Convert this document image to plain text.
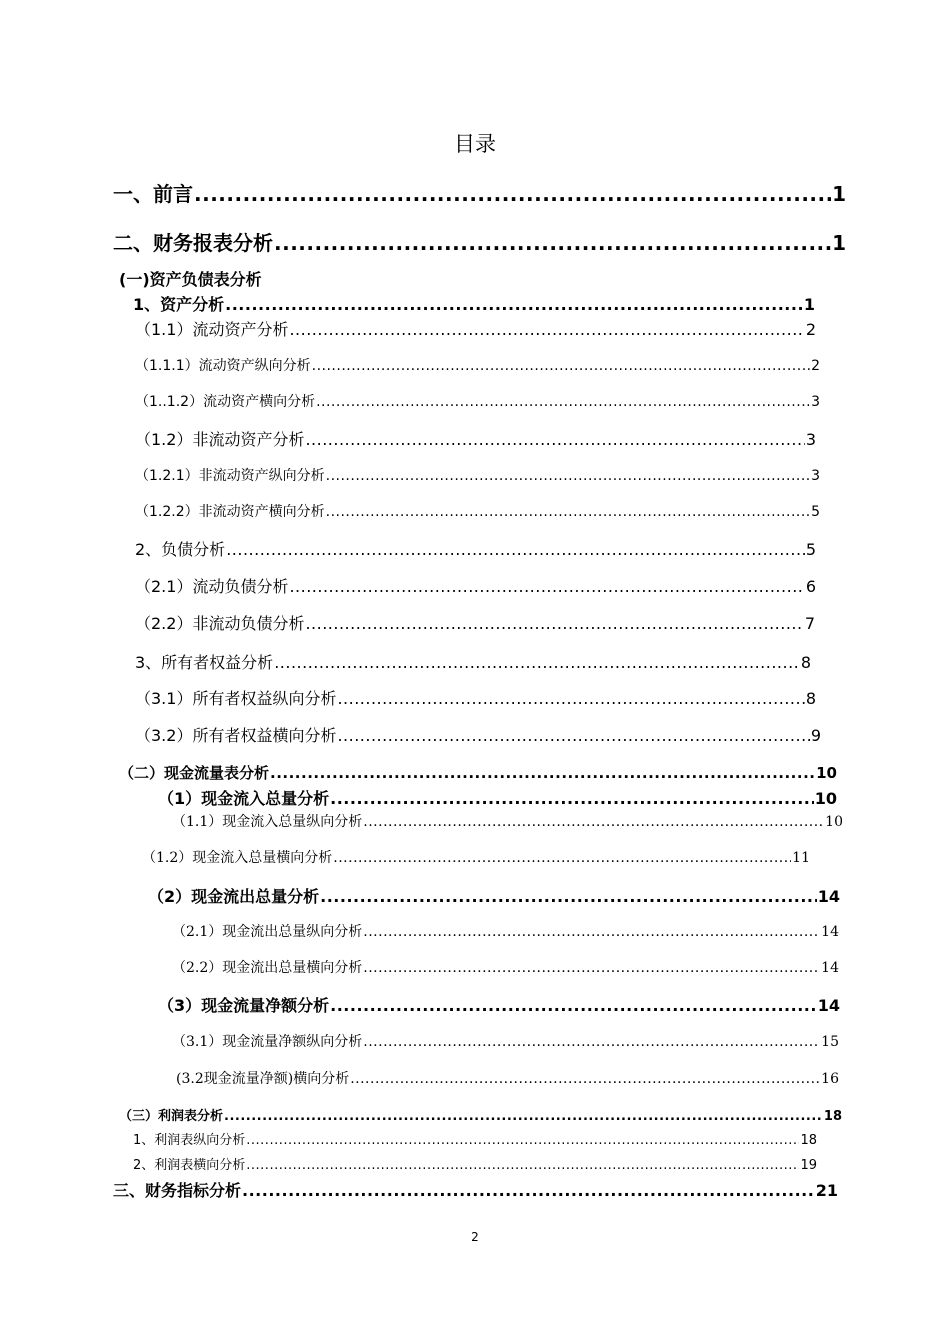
目录
一、前言 .....	1
二、财务报表分析 .....	1
(一)资产负债表分析
1、资产分析 .....	1
（1.1）流动资产分析 .....	2
（1.1.1）流动资产纵向分析 .....	2
（1..1.2）流动资产横向分析 .....	3
（1.2）非流动资产分析 .....	3
（1.2.1）非流动资产纵向分析 .....	3
（1.2.2）非流动资产横向分析 .....	5
2、负债分析 .....	5
（2.1）流动负债分析 .....	6
（2.2）非流动负债分析 .....	7
3、所有者权益分析 .....	8
（3.1）所有者权益纵向分析 .....	8
（3.2）所有者权益横向分析 .....	9
（二）现金流量表分析 .....	10
（1）现金流入总量分析 .....	10
（1.1）现金流入总量纵向分析 .....	10
（1.2）现金流入总量横向分析 .....	11
（2）现金流出总量分析 .....	14
（2.1）现金流出总量纵向分析 .....	14
（2.2）现金流出总量横向分析 .....	14
（3）现金流量净额分析 .....	14
（3.1）现金流量净额纵向分析 .....	15
(3.2现金流量净额)横向分析 .....	16
（三）利润表分析 .....	18
1、利润表纵向分析 .....	18
2、利润表横向分析 .....	19
三、财务指标分析 .....	21
2
